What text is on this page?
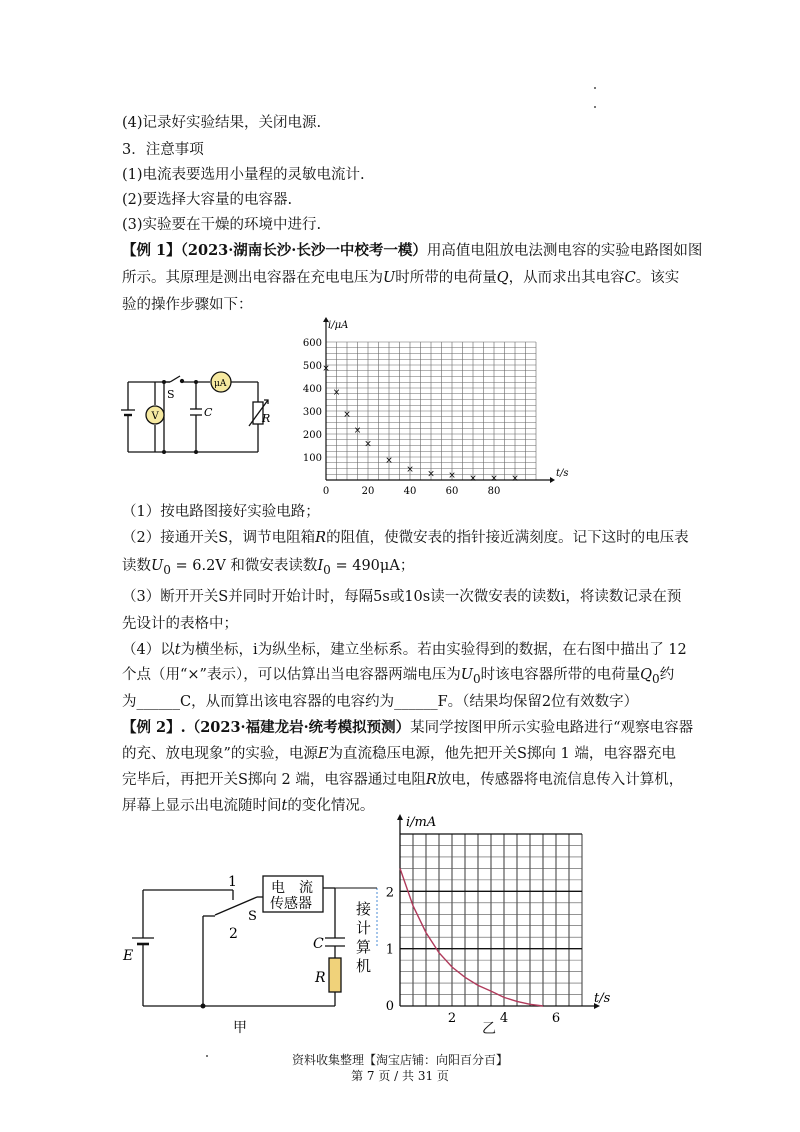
(4)记录好实验结果，关闭电源.
3．注意事项
(1)电流表要选用小量程的灵敏电流计.
(2)要选择大容量的电容器.
(3)实验要在干燥的环境中进行.
【例 1】（2023·湖南长沙·长沙一中校考一模）用高值电阻放电法测电容的实验电路图如图
所示。其原理是测出电容器在充电电压为U时所带的电荷量Q，从而求出其电容C。该实
验的操作步骤如下：
S
V
μA
C	R
100
200
300
400
500
600
0	20	40	60	80
i/μA
t/s
×
×
×
×
×
×
× × × × × ×
（1）按电路图接好实验电路；
（2）接通开关S，调节电阻箱R的阻值，使微安表的指针接近满刻度。记下这时的电压表
读数$U_0 = 6.2V$ 和微安表读数$I_0 = 490\mu A$；
（3）断开开关S并同时开始计时，每隔5s或10s读一次微安表的读数i，将读数记录在预
先设计的表格中；
（4）以t为横坐标，i为纵坐标，建立坐标系。若由实验得到的数据，在右图中描出了 12
个点（用“×”表示），可以估算出当电容器两端电压为$U_0$时该电容器所带的电荷量$Q_0$约
为______C，从而算出该电容器的电容约为______F。（结果均保留2位有效数字）
【例 2】.（2023·福建龙岩·统考模拟预测）某同学按图甲所示实验电路进行“观察电容器
的充、放电现象”的实验，电源E为直流稳压电源，他先把开关S掷向 1 端，电容器充电
完毕后，再把开关S掷向 2 端，电容器通过电阻R放电，传感器将电流信息传入计算机，
屏幕上显示出电流随时间t的变化情况。
1
2
S
电　流
传感器
E
C
R
接
计
算
机
甲
0
1
2
2	4	6
i/mA
t/s
乙
资料收集整理【淘宝店铺：向阳百分百】
第 7 页 / 共 31 页
